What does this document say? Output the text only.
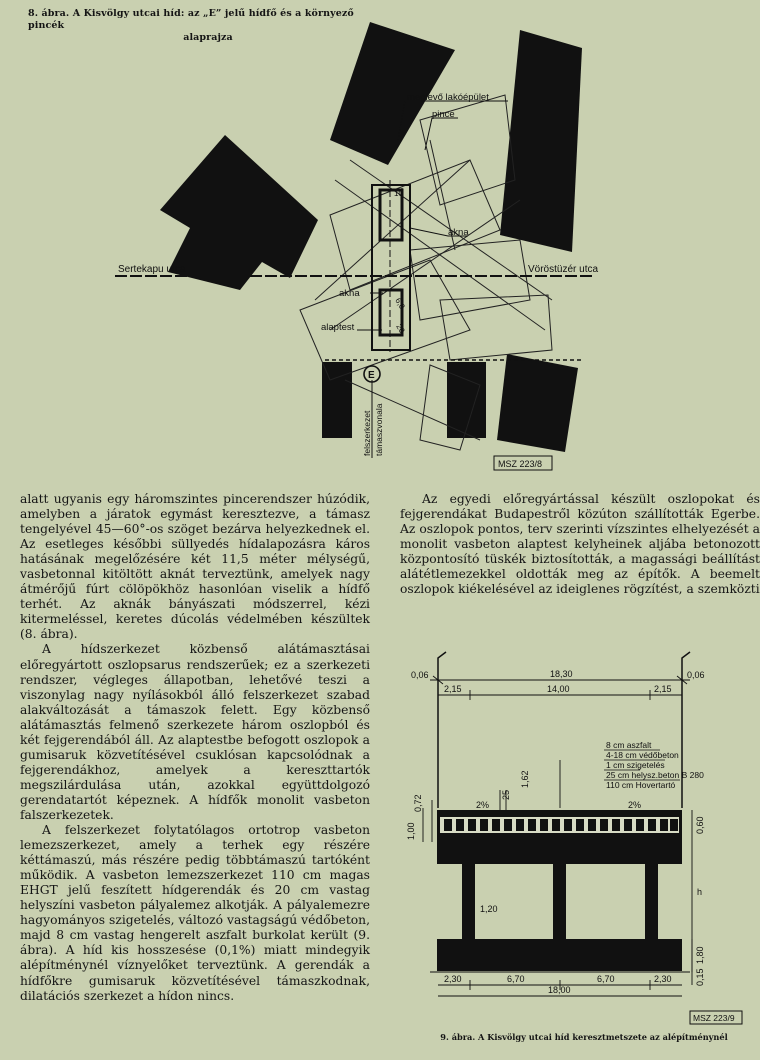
8. ábra. A Kisvölgy utcai híd: az „E” jelű hídfő és a környező pincék
alaprajza
meglevő lakóépület
pince
akna
akna
alaptest
Sertekapu utca	Vöröstüzér utca
10
6,0
20
felszerkezet támaszvonala
E
MSZ 223/8

alatt ugyanis egy háromszintes pincerendszer húzódik, amelyben a járatok egymást keresztezve, a támasz tengelyével 45—60°-os szöget bezárva helyezkednek el. Az esetleges későbbi süllyedés hídalapozásra káros hatásának megelőzésére két 11,5 méter mélységű, vasbetonnal kitöltött aknát terveztünk, amelyek nagy átmérőjű fúrt cölöpökhöz hasonlóan viselik a hídfő terhét. Az aknák bányászati módszerrel, kézi kitermeléssel, keretes dúcolás védelmében készültek (8. ábra).

A hídszerkezet közbenső alátámasztásai előregyártott oszlopsarus rendszerűek; ez a szerkezeti rendszer, végleges állapotban, lehetővé teszi a viszonylag nagy nyílásokból álló felszerkezet szabad alakváltozását a támaszok felett. Egy közbenső alátámasztás felmenő szerkezete három oszlopból és két fejgerendából áll. Az alaptestbe befogott oszlopok a gumisaruk közvetítésével csuklósan kapcsolódnak a fejgerendákhoz, amelyek a kereszttartók megszilárdulása után, azokkal együttdolgozó gerendatartót képeznek. A hídfők monolit vasbeton falszerkezetek.

A felszerkezet folytatólagos ortotrop vasbeton lemezszerkezet, amely a terhek egy részére kéttámaszú, más részére pedig többtámaszú tartóként működik. A vasbeton lemezszerkezet 110 cm magas EHGT jelű feszített hídgerendák és 20 cm vastag helyszíni vasbeton pályalemez alkotják. A pályalemezre hagyományos szigetelés, változó vastagságú védőbeton, majd 8 cm vastag hengerelt aszfalt burkolat került (9. ábra). A híd kis hosszesése (0,1%) miatt mindegyik alépítménynél víznyelőket terveztünk. A gerendák a hídfőkre gumisaruk közvetítésével támaszkodnak, dilatációs szerkezet a hídon nincs.

Az egyedi előregyártással készült oszlopokat és fejgerendákat Budapestről közúton szállították Egerbe. Az oszlopok pontos, terv szerinti vízszintes elhelyezését a monolit vasbeton alaptest kelyheinek aljába betonozott központosító tüskék biztosították, a magassági beállítást alátétlemezekkel oldották meg az építők. A beemelt oszlopok kiékelésével az ideiglenes rögzítést, a szemközti

18,30
14,00
2,15	2,15
0,06	0,06
8 cm aszfalt
4-18 cm védőbeton
1 cm szigetelés
25 cm helysz.beton B 280
110 cm Hovertartó
2%	2%
1,62
25
0,72
1,00	0,60
1,20
h
1,80
0,15
2,30	6,70	6,70	2,30
18,00
MSZ 223/9
9. ábra. A Kisvölgy utcai híd keresztmetszete az alépítménynél
